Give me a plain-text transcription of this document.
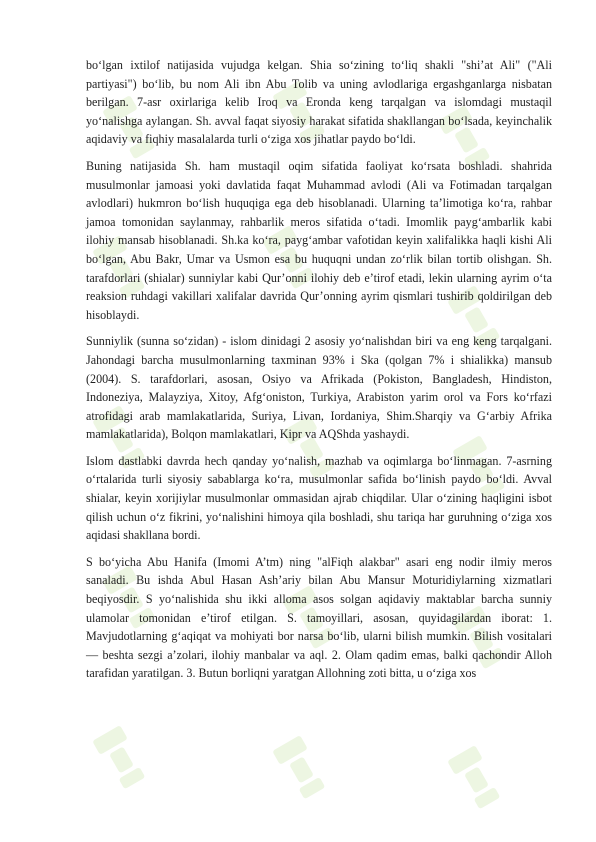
bo‘lgan ixtilof natijasida vujudga kelgan. Shia so‘zining to‘liq shakli "shi’at Ali" ("Ali partiyasi") bo‘lib, bu nom Ali ibn Abu Tolib va uning avlodlariga ergashganlarga nisbatan berilgan. 7-asr oxirlariga kelib Iroq va Eronda keng tarqalgan va islomdagi mustaqil yo‘nalishga aylangan. Sh. avval faqat siyosiy harakat sifatida shakllangan bo‘lsada, keyinchalik aqidaviy va fiqhiy masalalarda turli o‘ziga xos jihatlar paydo bo‘ldi.

Buning natijasida Sh. ham mustaqil oqim sifatida faoliyat ko‘rsata boshladi. shahrida musulmonlar jamoasi yoki davlatida faqat Muhammad avlodi (Ali va Fotimadan tarqalgan avlodlari) hukmron bo‘lish huquqiga ega deb hisoblanadi. Ularning ta’limotiga ko‘ra, rahbar jamoa tomonidan saylanmay, rahbarlik meros sifatida o‘tadi. Imomlik payg‘ambarlik kabi ilohiy mansab hisoblanadi. Sh.ka ko‘ra, payg‘ambar vafotidan keyin xalifalikka haqli kishi Ali bo‘lgan, Abu Bakr, Umar va Usmon esa bu huquqni undan zo‘rlik bilan tortib olishgan. Sh. tarafdorlari (shialar) sunniylar kabi Qur’onni ilohiy deb e’tirof etadi, lekin ularning ayrim o‘ta reaksion ruhdagi vakillari xalifalar davrida Qur’onning ayrim qismlari tushirib qoldirilgan deb hisoblaydi.

Sunniylik (sunna so‘zidan) - islom dinidagi 2 asosiy yo‘nalishdan biri va eng keng tarqalgani. Jahondagi barcha musulmonlarning taxminan 93% i Ska (qolgan 7% i shialikka) mansub (2004). S. tarafdorlari, asosan, Osiyo va Afrikada (Pokiston, Bangladesh, Hindiston, Indoneziya, Malayziya, Xitoy, Afg‘oniston, Turkiya, Arabiston yarim orol va Fors ko‘rfazi atrofidagi arab mamlakatlarida, Suriya, Livan, Iordaniya, Shim.Sharqiy va G‘arbiy Afrika mamlakatlarida), Bolqon mamlakatlari, Kipr va AQShda yashaydi.

Islom dastlabki davrda hech qanday yo‘nalish, mazhab va oqimlarga bo‘linmagan. 7-asrning o‘rtalarida turli siyosiy sabablarga ko‘ra, musulmonlar safida bo‘linish paydo bo‘ldi. Avval shialar, keyin xorijiylar musulmonlar ommasidan ajrab chiqdilar. Ular o‘zining haqligini isbot qilish uchun o‘z fikrini, yo‘nalishini himoya qila boshladi, shu tariqa har guruhning o‘ziga xos aqidasi shakllana bordi.

S bo‘yicha Abu Hanifa (Imomi A’tm) ning "alFiqh alakbar" asari eng nodir ilmiy meros sanaladi. Bu ishda Abul Hasan Ash’ariy bilan Abu Mansur Moturidiylarning xizmatlari beqiyosdir. S yo‘nalishida shu ikki alloma asos solgan aqidaviy maktablar barcha sunniy ulamolar tomonidan e’tirof etilgan. S. tamoyillari, asosan, quyidagilardan iborat: 1. Mavjudotlarning g‘aqiqat va mohiyati bor narsa bo‘lib, ularni bilish mumkin. Bilish vositalari — beshta sezgi a’zolari, ilohiy manbalar va aql. 2. Olam qadim emas, balki qachondir Alloh tarafidan yaratilgan. 3. Butun borliqni yaratgan Allohning zoti bitta, u o‘ziga xos
